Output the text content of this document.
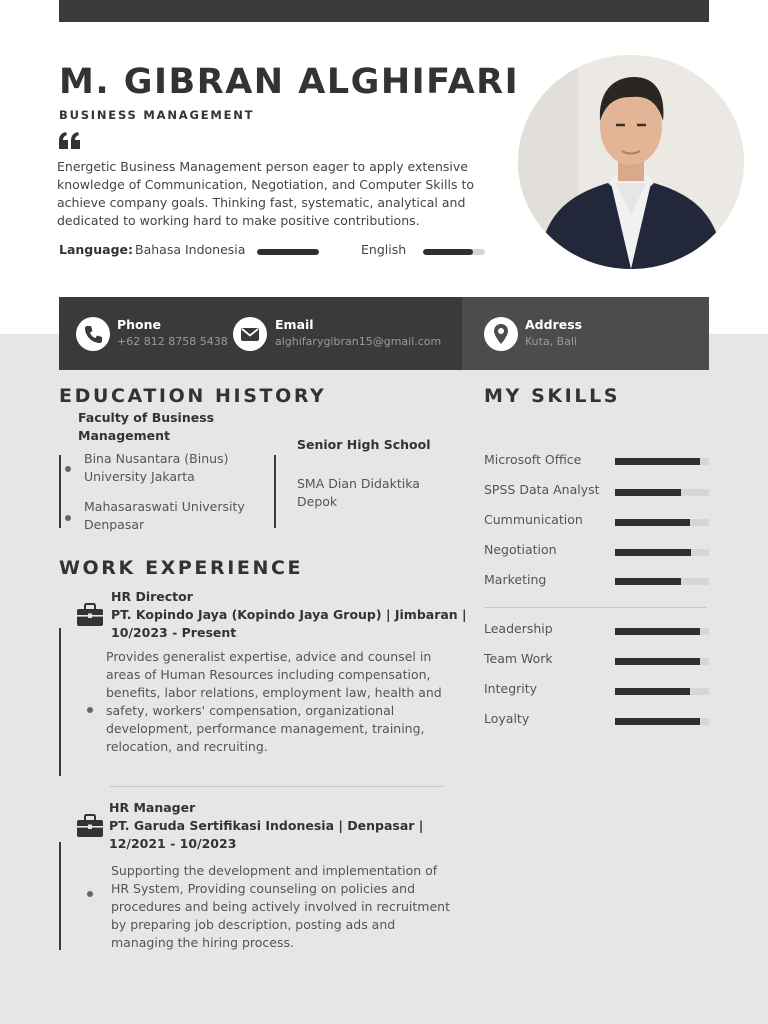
M. GIBRAN ALGHIFARI
BUSINESS MANAGEMENT
Energetic Business Management person eager to apply extensive knowledge of Communication, Negotiation, and Computer Skills to achieve company goals. Thinking fast, systematic, analytical and dedicated to working hard to make positive contributions.
Language: Bahasa Indonesia	English
Phone
+62 812 8758 5438
Email
alghifarygibran15@gmail.com
Address
Kuta, Bali
EDUCATION HISTORY
Faculty of Business Management
Bina Nusantara (Binus) University Jakarta
Mahasaraswati University Denpasar
Senior High School
SMA Dian Didaktika Depok
WORK EXPERIENCE
HR Director
PT. Kopindo Jaya (Kopindo Jaya Group) | Jimbaran | 10/2023 - Present
Provides generalist expertise, advice and counsel in areas of Human Resources including compensation, benefits, labor relations, employment law, health and safety, workers' compensation, organizational development, performance management, training, relocation, and recruiting.
HR Manager
PT. Garuda Sertifikasi Indonesia | Denpasar | 12/2021 - 10/2023
Supporting the development and implementation of HR System, Providing counseling on policies and procedures and being actively involved in recruitment by preparing job description, posting ads and managing the hiring process.
MY SKILLS
Microsoft Office
SPSS Data Analyst
Cummunication
Negotiation
Marketing
Leadership
Team Work
Integrity
Loyalty
